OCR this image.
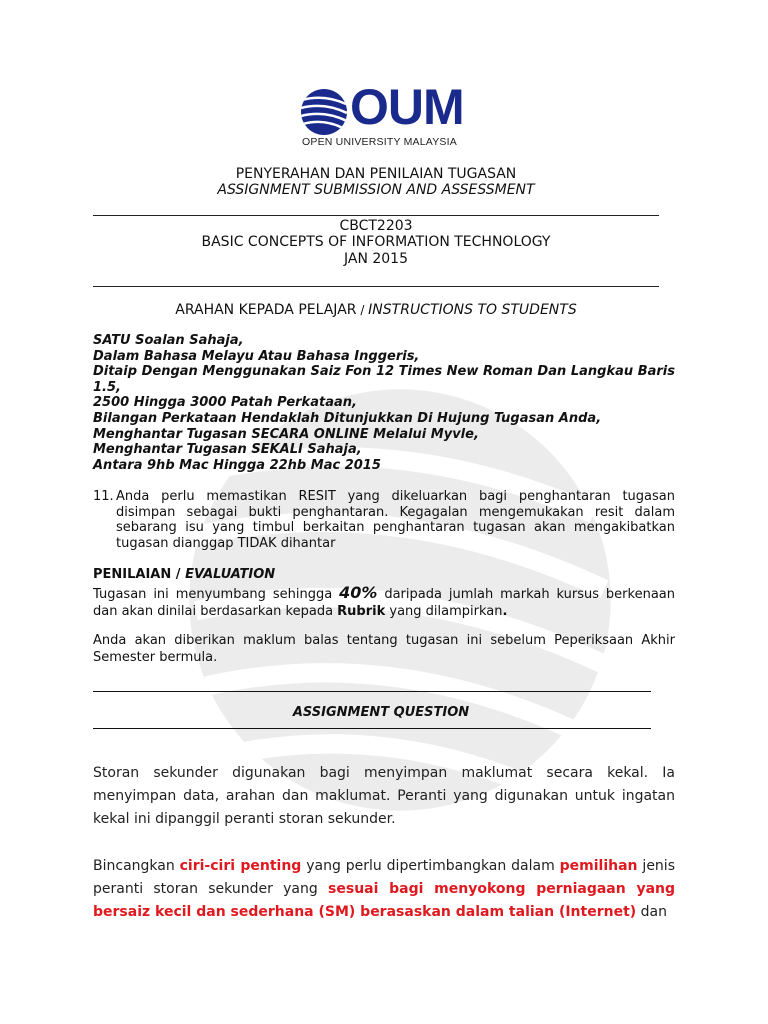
OUM
OPEN UNIVERSITY MALAYSIA
PENYERAHAN DAN PENILAIAN TUGASAN
ASSIGNMENT SUBMISSION AND ASSESSMENT
CBCT2203
BASIC CONCEPTS OF INFORMATION TECHNOLOGY
JAN 2015
ARAHAN KEPADA PELAJAR / INSTRUCTIONS TO STUDENTS
SATU Soalan Sahaja,
Dalam Bahasa Melayu Atau Bahasa Inggeris,
Ditaip Dengan Menggunakan Saiz Fon 12 Times New Roman Dan Langkau Baris 1.5,
2500 Hingga 3000 Patah Perkataan,
Bilangan Perkataan Hendaklah Ditunjukkan Di Hujung Tugasan Anda,
Menghantar Tugasan SECARA ONLINE Melalui Myvle,
Menghantar Tugasan SEKALI Sahaja,
Antara 9hb Mac Hingga 22hb Mac 2015
11. Anda perlu memastikan RESIT yang dikeluarkan bagi penghantaran tugasan disimpan sebagai bukti penghantaran. Kegagalan mengemukakan resit dalam sebarang isu yang timbul berkaitan penghantaran tugasan akan mengakibatkan tugasan dianggap TIDAK dihantar
PENILAIAN / EVALUATION
Tugasan ini menyumbang sehingga 40% daripada jumlah markah kursus berkenaan dan akan dinilai berdasarkan kepada Rubrik yang dilampirkan.
Anda akan diberikan maklum balas tentang tugasan ini sebelum Peperiksaan Akhir Semester bermula.
ASSIGNMENT QUESTION
Storan sekunder digunakan bagi menyimpan maklumat secara kekal. Ia menyimpan data, arahan dan maklumat. Peranti yang digunakan untuk ingatan kekal ini dipanggil peranti storan sekunder.
Bincangkan ciri-ciri penting yang perlu dipertimbangkan dalam pemilihan jenis peranti storan sekunder yang sesuai bagi menyokong perniagaan yang bersaiz kecil dan sederhana (SM) berasaskan dalam talian (Internet) dan
